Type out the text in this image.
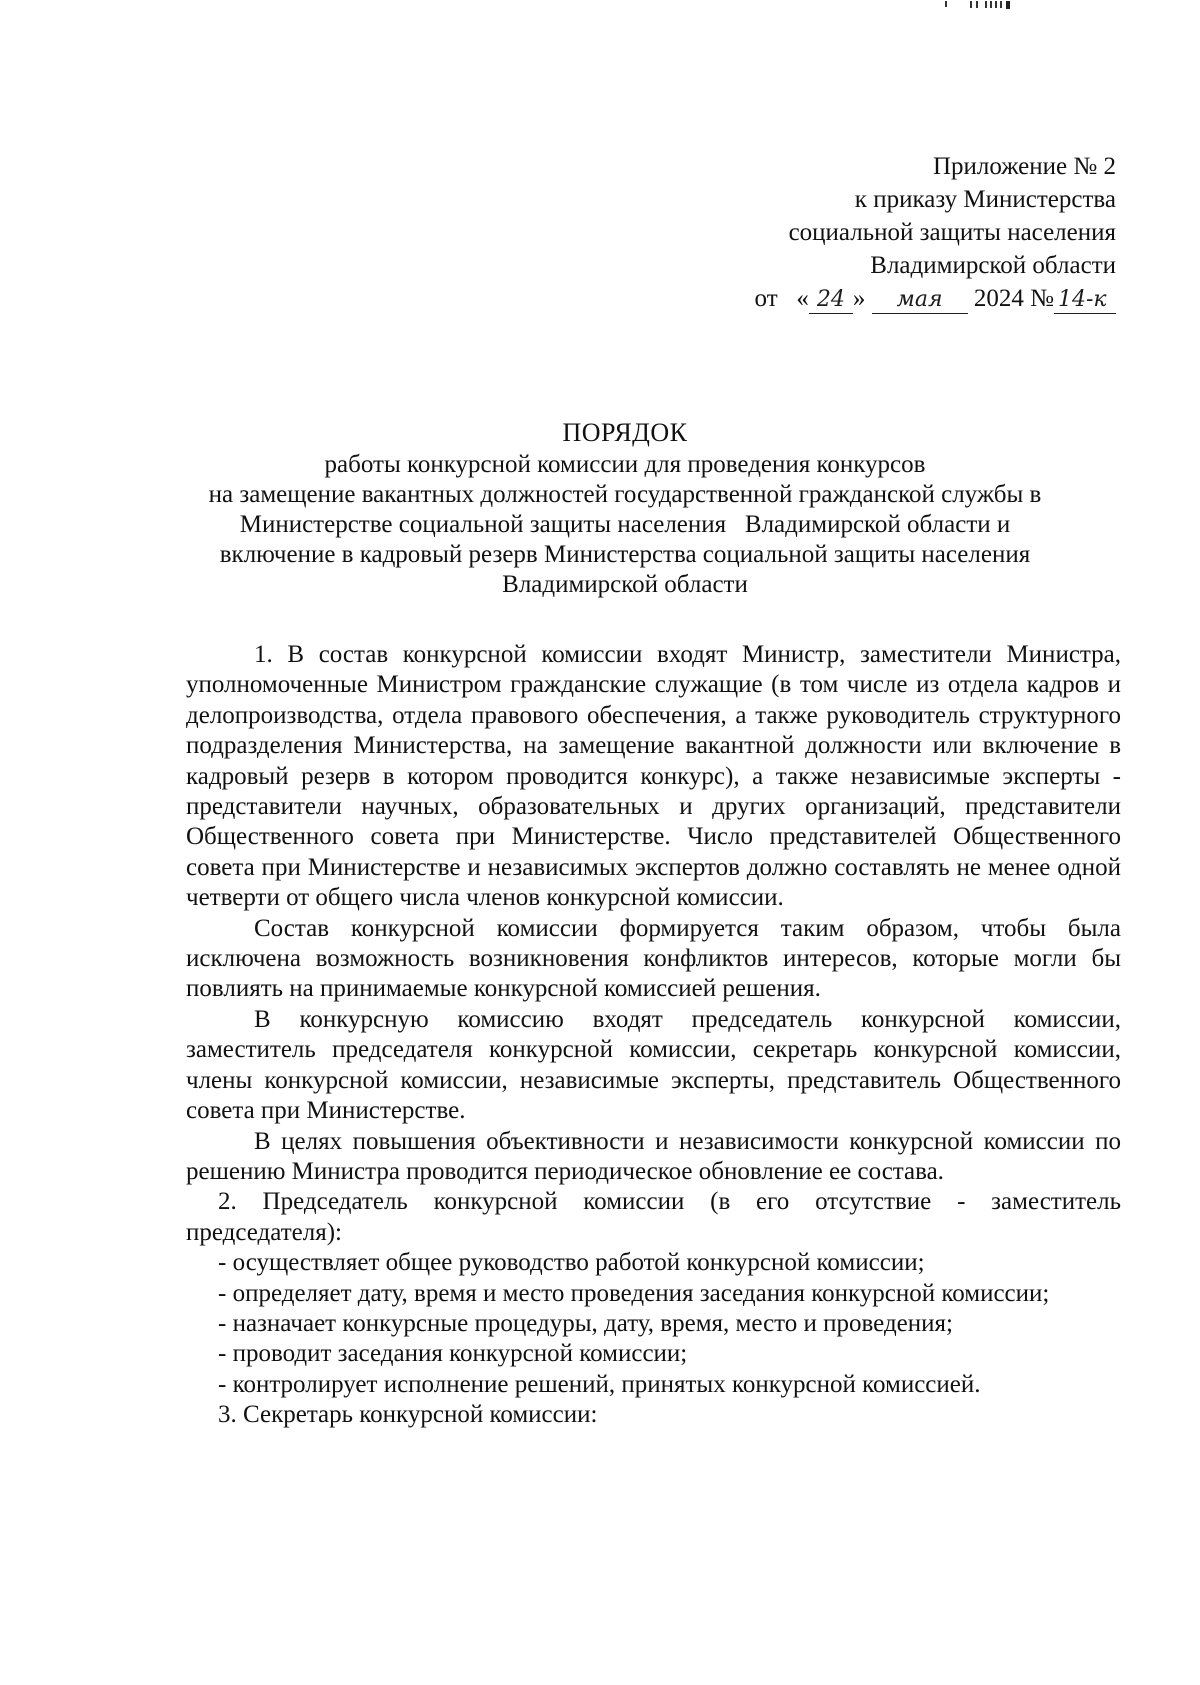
Приложение № 2
к приказу Министерства
социальной защиты населения
Владимирской области
от « 24 » мая 2024 № 14-к
ПОРЯДОК
работы конкурсной комиссии для проведения конкурсов
на замещение вакантных должностей государственной гражданской службы в
Министерстве социальной защиты населения   Владимирской области и
включение в кадровый резерв Министерства социальной защиты населения
Владимирской области

1. В состав конкурсной комиссии входят Министр, заместители Министра, уполномоченные Министром гражданские служащие (в том числе из отдела кадров и делопроизводства, отдела правового обеспечения, а также руководитель структурного подразделения Министерства, на замещение вакантной должности или включение в кадровый резерв в котором проводится конкурс), а также независимые эксперты - представители научных, образовательных и других организаций, представители Общественного совета при Министерстве. Число представителей Общественного совета при Министерстве и независимых экспертов должно составлять не менее одной четверти от общего числа членов конкурсной комиссии.

Состав конкурсной комиссии формируется таким образом, чтобы была исключена возможность возникновения конфликтов интересов, которые могли бы повлиять на принимаемые конкурсной комиссией решения.

В конкурсную комиссию входят председатель конкурсной комиссии, заместитель председателя конкурсной комиссии, секретарь конкурсной комиссии, члены конкурсной комиссии, независимые эксперты, представитель Общественного совета при Министерстве.

В целях повышения объективности и независимости конкурсной комиссии по решению Министра проводится периодическое обновление ее состава.

2. Председатель конкурсной комиссии (в его отсутствие - заместитель председателя):

- осуществляет общее руководство работой конкурсной комиссии;

- определяет дату, время и место проведения заседания конкурсной комиссии;

- назначает конкурсные процедуры, дату, время, место и проведения;

- проводит заседания конкурсной комиссии;

- контролирует исполнение решений, принятых конкурсной комиссией.

3. Секретарь конкурсной комиссии:
